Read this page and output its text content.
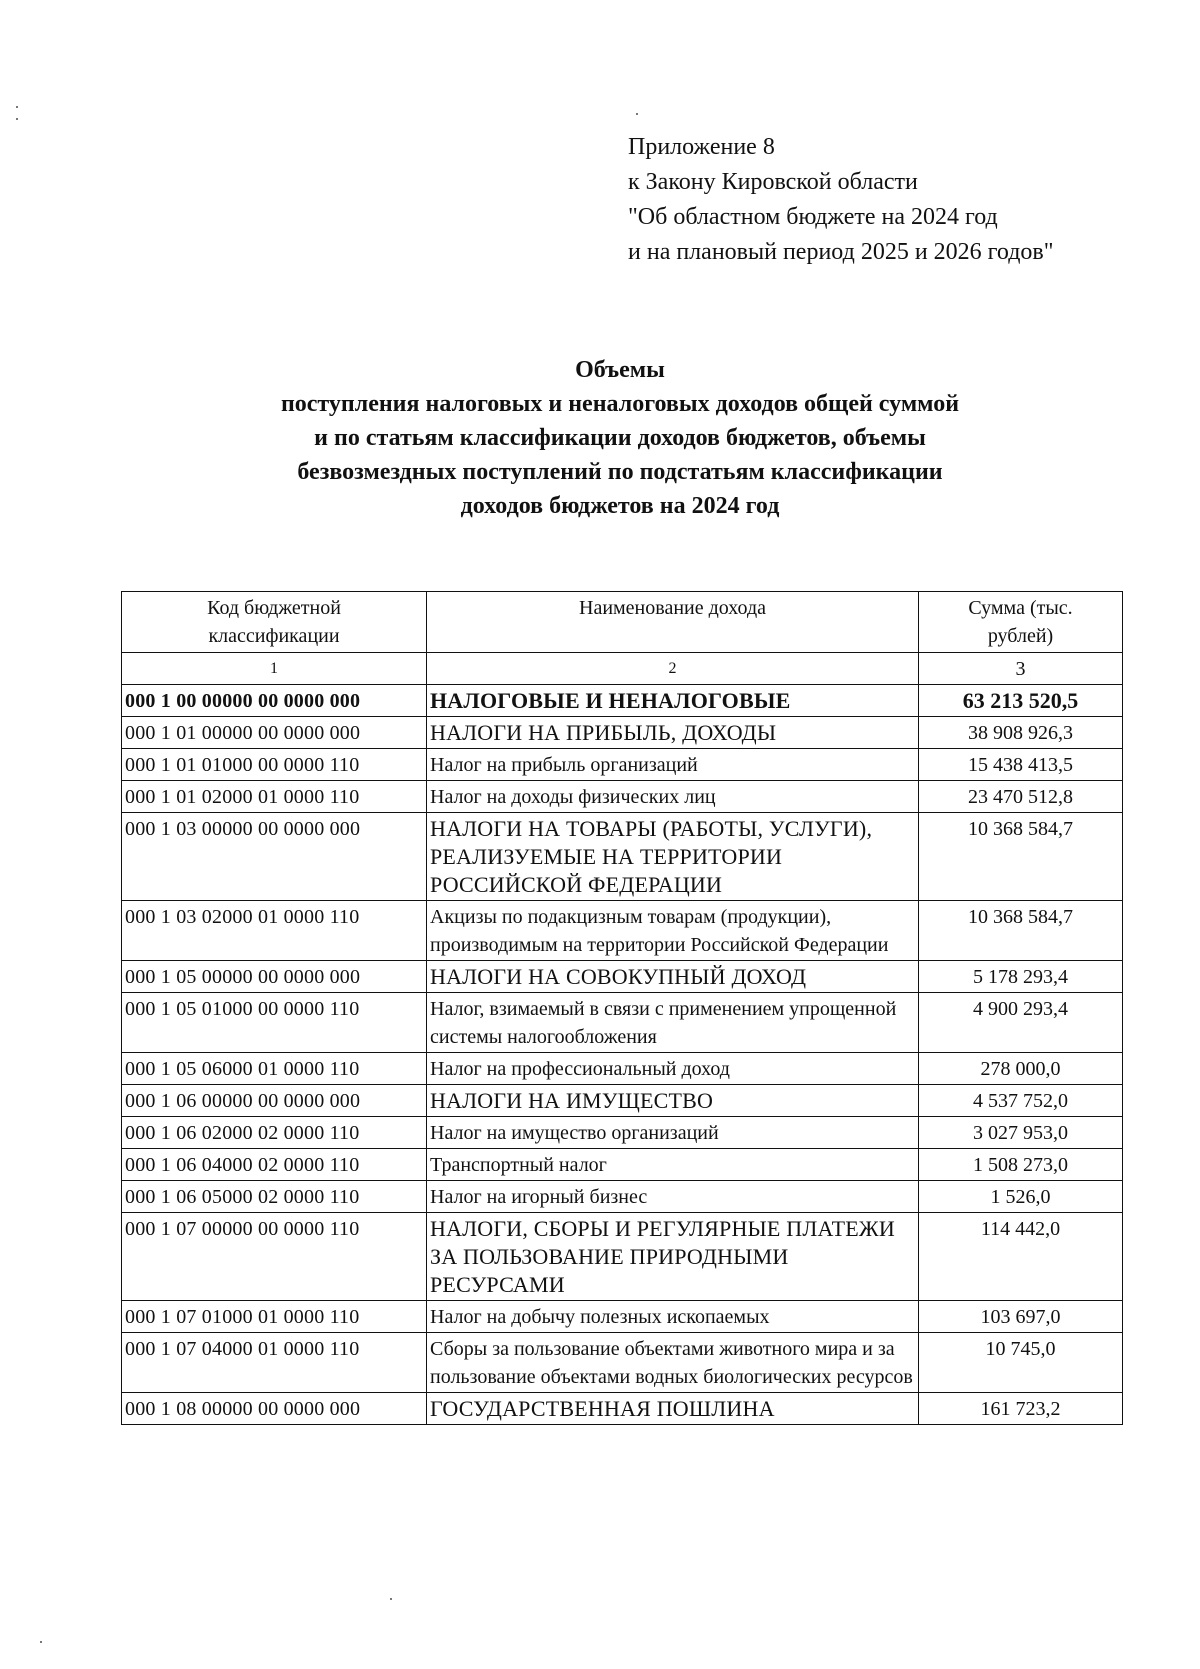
Приложение 8
к Закону Кировской области
"Об областном бюджете на 2024 год
и на плановый период 2025 и 2026 годов"
Объемы
поступления налоговых и неналоговых доходов общей суммой
и по статьям классификации доходов бюджетов, объемы
безвозмездных поступлений по подстатьям классификации
доходов бюджетов на 2024 год
Код бюджетной классификации	Наименование дохода	Сумма (тыс. рублей)
1	2	3
000 1 00 00000 00 0000 000	НАЛОГОВЫЕ И НЕНАЛОГОВЫЕ	63 213 520,5
000 1 01 00000 00 0000 000	НАЛОГИ НА ПРИБЫЛЬ, ДОХОДЫ	38 908 926,3
000 1 01 01000 00 0000 110	Налог на прибыль организаций	15 438 413,5
000 1 01 02000 01 0000 110	Налог на доходы физических лиц	23 470 512,8
000 1 03 00000 00 0000 000	НАЛОГИ НА ТОВАРЫ (РАБОТЫ, УСЛУГИ), РЕАЛИЗУЕМЫЕ НА ТЕРРИТОРИИ РОССИЙСКОЙ ФЕДЕРАЦИИ	10 368 584,7
000 1 03 02000 01 0000 110	Акцизы по подакцизным товарам (продукции), производимым на территории Российской Федерации	10 368 584,7
000 1 05 00000 00 0000 000	НАЛОГИ НА СОВОКУПНЫЙ ДОХОД	5 178 293,4
000 1 05 01000 00 0000 110	Налог, взимаемый в связи с применением упрощенной системы налогообложения	4 900 293,4
000 1 05 06000 01 0000 110	Налог на профессиональный доход	278 000,0
000 1 06 00000 00 0000 000	НАЛОГИ НА ИМУЩЕСТВО	4 537 752,0
000 1 06 02000 02 0000 110	Налог на имущество организаций	3 027 953,0
000 1 06 04000 02 0000 110	Транспортный налог	1 508 273,0
000 1 06 05000 02 0000 110	Налог на игорный бизнес	1 526,0
000 1 07 00000 00 0000 110	НАЛОГИ, СБОРЫ И РЕГУЛЯРНЫЕ ПЛАТЕЖИ ЗА ПОЛЬЗОВАНИЕ ПРИРОДНЫМИ РЕСУРСАМИ	114 442,0
000 1 07 01000 01 0000 110	Налог на добычу полезных ископаемых	103 697,0
000 1 07 04000 01 0000 110	Сборы за пользование объектами животного мира и за пользование объектами водных биологических ресурсов	10 745,0
000 1 08 00000 00 0000 000	ГОСУДАРСТВЕННАЯ ПОШЛИНА	161 723,2
